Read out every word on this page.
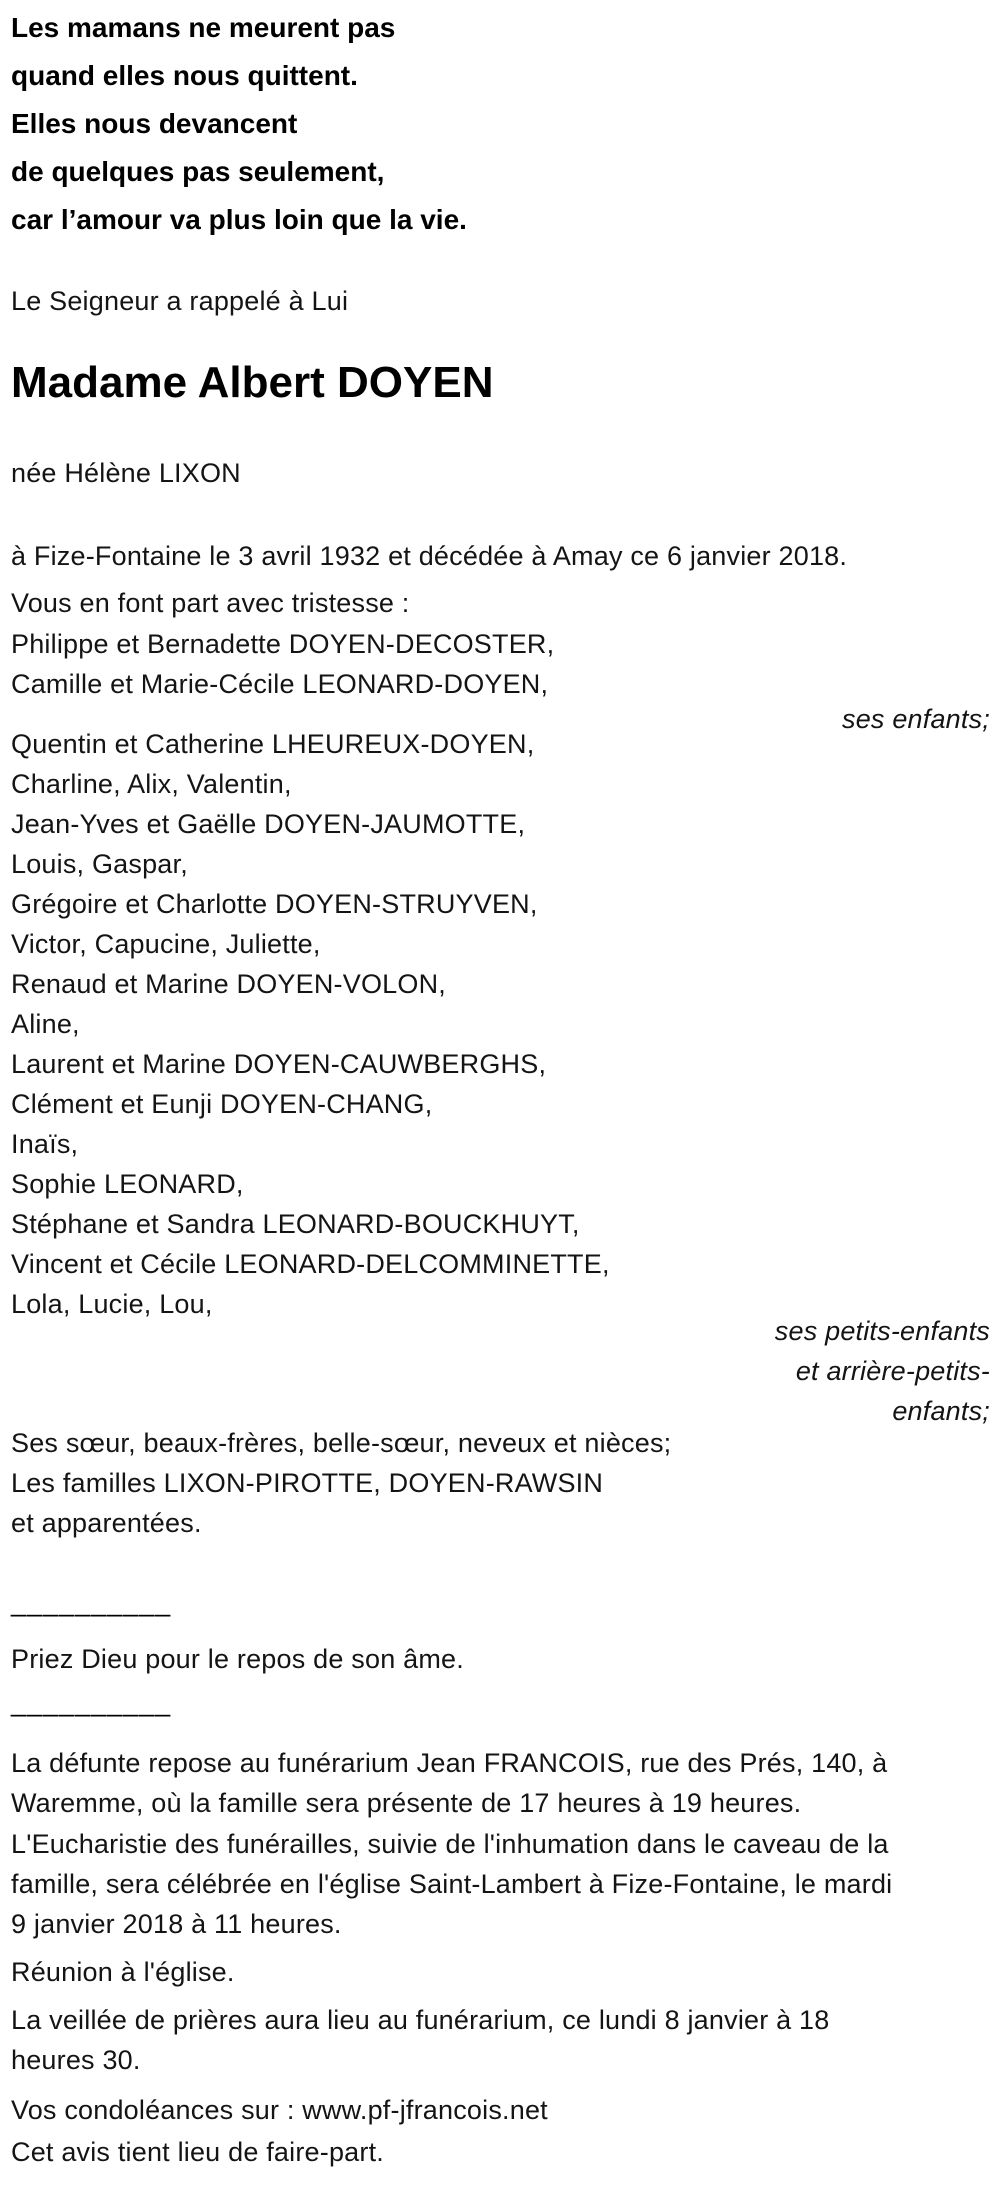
Les mamans ne meurent pas
quand elles nous quittent.
Elles nous devancent
de quelques pas seulement,
car l’amour va plus loin que la vie.
Le Seigneur a rappelé à Lui
Madame Albert DOYEN
née Hélène LIXON
à Fize-Fontaine le 3 avril 1932 et décédée à Amay ce 6 janvier 2018.
Vous en font part avec tristesse :
Philippe et Bernadette DOYEN-DECOSTER,
Camille et Marie-Cécile LEONARD-DOYEN,
ses enfants;
Quentin et Catherine LHEUREUX-DOYEN,
Charline, Alix, Valentin,
Jean-Yves et Gaëlle DOYEN-JAUMOTTE,
Louis, Gaspar,
Grégoire et Charlotte DOYEN-STRUYVEN,
Victor, Capucine, Juliette,
Renaud et Marine DOYEN-VOLON,
Aline,
Laurent et Marine DOYEN-CAUWBERGHS,
Clément et Eunji DOYEN-CHANG,
Inaïs,
Sophie LEONARD,
Stéphane et Sandra LEONARD-BOUCKHUYT,
Vincent et Cécile LEONARD-DELCOMMINETTE,
Lola, Lucie, Lou,
ses petits-enfants
et arrière-petits-
enfants;
Ses sœur, beaux-frères, belle-sœur, neveux et nièces;
Les familles LIXON-PIROTTE, DOYEN-RAWSIN
et apparentées.
__________
Priez Dieu pour le repos de son âme.
__________
La défunte repose au funérarium Jean FRANCOIS, rue des Prés, 140, à
Waremme, où la famille sera présente de 17 heures à 19 heures.
L'Eucharistie des funérailles, suivie de l'inhumation dans le caveau de la
famille, sera célébrée en l'église Saint-Lambert à Fize-Fontaine, le mardi
9 janvier 2018 à 11 heures.
Réunion à l'église.
La veillée de prières aura lieu au funérarium, ce lundi 8 janvier à 18
heures 30.
Vos condoléances sur : www.pf-jfrancois.net
Cet avis tient lieu de faire-part.
